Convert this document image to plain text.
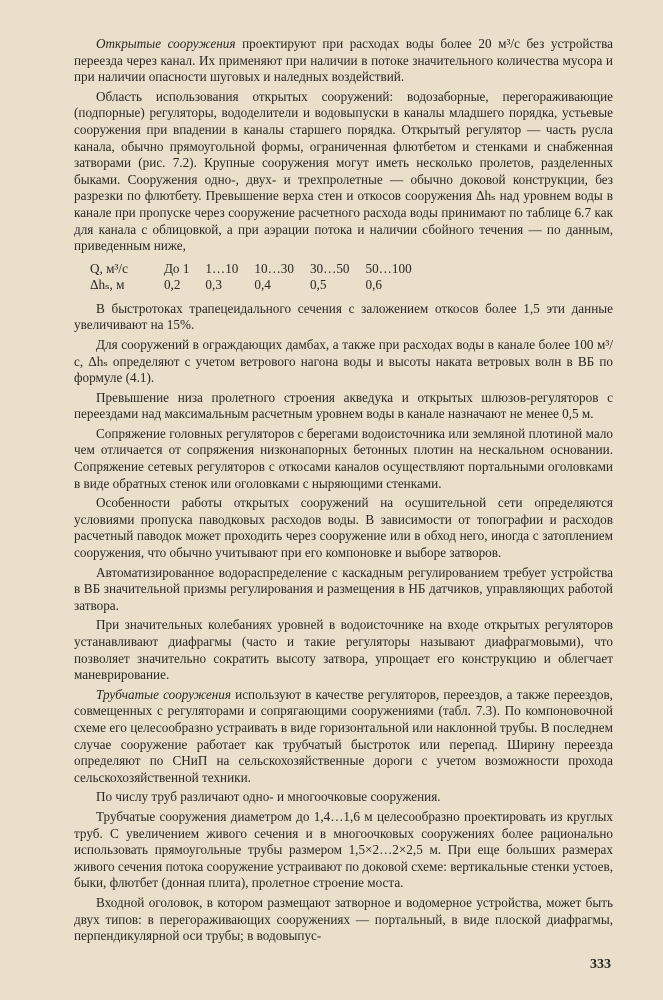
Открытые сооружения проектируют при расходах воды более 20 м³/с без устройства переезда через канал. Их применяют при наличии в потоке значительного количества мусора и при наличии опасности шуговых и наледных воздействий.

Область использования открытых сооружений: водозаборные, перегораживающие (подпорные) регуляторы, вододелители и водовыпуски в каналы младшего порядка, устьевые сооружения при впадении в каналы старшего порядка. Открытый регулятор — часть русла канала, обычно прямоугольной формы, ограниченная флютбетом и стенками и снабженная затворами (рис. 7.2). Крупные сооружения могут иметь несколько пролетов, разделенных быками. Сооружения одно-, двух- и трехпролетные — обычно доковой конструкции, без разрезки по флютбету. Превышение верха стен и откосов сооружения Δhₛ над уровнем воды в канале при пропуске через сооружение расчетного расхода воды принимают по таблице 6.7 как для канала с облицовкой, а при аэрации потока и наличии сбойного течения — по данным, приведенным ниже,

Q, м³/с	До 1	1…10	10…30	30…50	50…100
Δhₛ, м	0,2	0,3	0,4	0,5	0,6

В быстротоках трапецеидального сечения с заложением откосов более 1,5 эти данные увеличивают на 15%.

Для сооружений в ограждающих дамбах, а также при расходах воды в канале более 100 м³/с, Δhₛ определяют с учетом ветрового нагона воды и высоты наката ветровых волн в ВБ по формуле (4.1).

Превышение низа пролетного строения акведука и открытых шлюзов-регуляторов с переездами над максимальным расчетным уровнем воды в канале назначают не менее 0,5 м.

Сопряжение головных регуляторов с берегами водоисточника или земляной плотиной мало чем отличается от сопряжения низконапорных бетонных плотин на нескальном основании. Сопряжение сетевых регуляторов с откосами каналов осуществляют портальными оголовками в виде обратных стенок или оголовками с ныряющими стенками.

Особенности работы открытых сооружений на осушительной сети определяются условиями пропуска паводковых расходов воды. В зависимости от топографии и расходов расчетный паводок может проходить через сооружение или в обход него, иногда с затоплением сооружения, что обычно учитывают при его компоновке и выборе затворов.

Автоматизированное водораспределение с каскадным регулированием требует устройства в ВБ значительной призмы регулирования и размещения в НБ датчиков, управляющих работой затвора.

При значительных колебаниях уровней в водоисточнике на входе открытых регуляторов устанавливают диафрагмы (часто и такие регуляторы называют диафрагмовыми), что позволяет значительно сократить высоту затвора, упрощает его конструкцию и облегчает маневрирование.

Трубчатые сооружения используют в качестве регуляторов, переездов, а также переездов, совмещенных с регуляторами и сопрягающими сооружениями (табл. 7.3). По компоновочной схеме его целесообразно устраивать в виде горизонтальной или наклонной трубы. В последнем случае сооружение работает как трубчатый быстроток или перепад. Ширину переезда определяют по СНиП на сельскохозяйственные дороги с учетом возможности прохода сельскохозяйственной техники.

По числу труб различают одно- и многоочковые сооружения.

Трубчатые сооружения диаметром до 1,4…1,6 м целесообразно проектировать из круглых труб. С увеличением живого сечения и в многоочковых сооружениях более рационально использовать прямоугольные трубы размером 1,5×2…2×2,5 м. При еще больших размерах живого сечения потока сооружение устраивают по доковой схеме: вертикальные стенки устоев, быки, флютбет (донная плита), пролетное строение моста.

Входной оголовок, в котором размещают затворное и водомерное устройства, может быть двух типов: в перегораживающих сооружениях — портальный, в виде плоской диафрагмы, перпендикулярной оси трубы; в водовыпус-

333
